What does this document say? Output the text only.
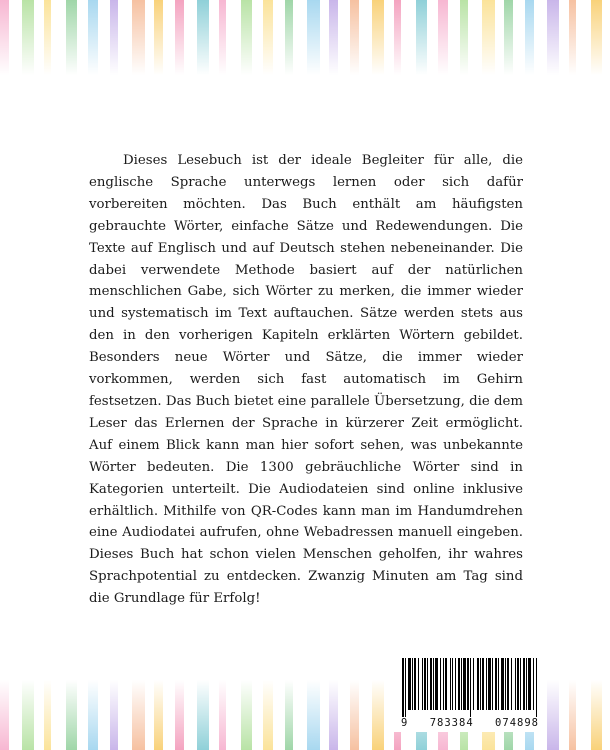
Dieses Lesebuch ist der ideale Begleiter für alle, die englische Sprache unterwegs lernen oder sich dafür vorbereiten möchten. Das Buch enthält am häufigsten gebrauchte Wörter, einfache Sätze und Redewendungen. Die Texte auf Englisch und auf Deutsch stehen nebeneinander. Die dabei verwendete Methode basiert auf der natürlichen menschlichen Gabe, sich Wörter zu merken, die immer wieder und systematisch im Text auftauchen. Sätze werden stets aus den in den vorherigen Kapiteln erklärten Wörtern gebildet. Besonders neue Wörter und Sätze, die immer wieder vorkommen, werden sich fast automatisch im Gehirn festsetzen. Das Buch bietet eine parallele Übersetzung, die dem Leser das Erlernen der Sprache in kürzerer Zeit ermöglicht. Auf einem Blick kann man hier sofort sehen, was unbekannte Wörter bedeuten. Die 1300 gebräuchliche Wörter sind in Kategorien unterteilt. Die Audiodateien sind online inklusive erhältlich. Mithilfe von QR-Codes kann man im Handumdrehen eine Audiodatei aufrufen, ohne Webadressen manuell eingeben. Dieses Buch hat schon vielen Menschen geholfen, ihr wahres Sprachpotential zu entdecken. Zwanzig Minuten am Tag sind die Grundlage für Erfolg!

9 783384 074898
